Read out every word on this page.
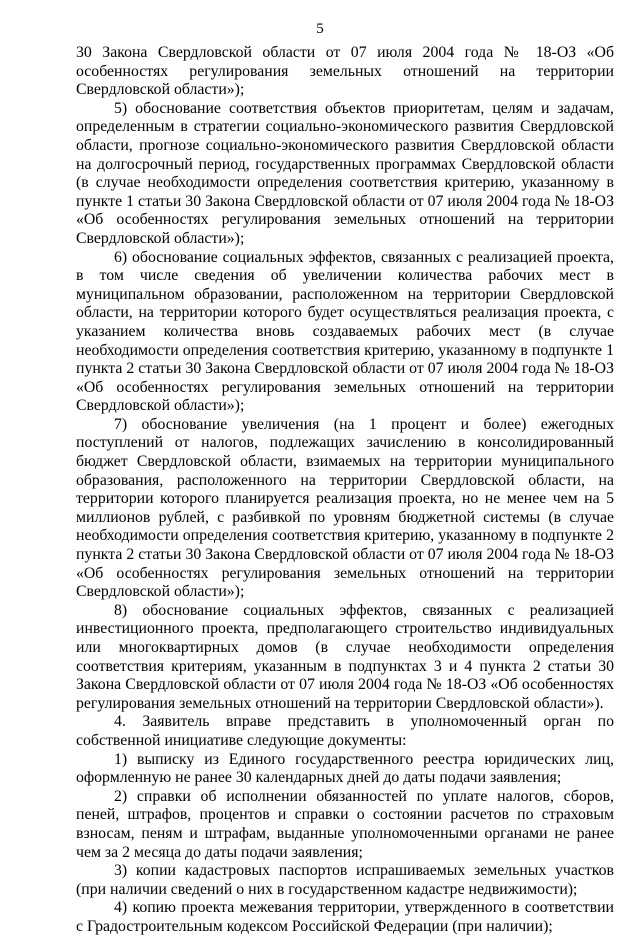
5

30 Закона Свердловской области от 07 июля 2004 года № 18-ОЗ «Об особенностях регулирования земельных отношений на территории Свердловской области»);

5) обоснование соответствия объектов приоритетам, целям и задачам, определенным в стратегии социально-экономического развития Свердловской области, прогнозе социально-экономического развития Свердловской области на долгосрочный период, государственных программах Свердловской области (в случае необходимости определения соответствия критерию, указанному в пункте 1 статьи 30 Закона Свердловской области от 07 июля 2004 года № 18-ОЗ «Об особенностях регулирования земельных отношений на территории Свердловской области»);

6) обоснование социальных эффектов, связанных с реализацией проекта, в том числе сведения об увеличении количества рабочих мест в муниципальном образовании, расположенном на территории Свердловской области, на территории которого будет осуществляться реализация проекта, с указанием количества вновь создаваемых рабочих мест (в случае необходимости определения соответствия критерию, указанному в подпункте 1 пункта 2 статьи 30 Закона Свердловской области от 07 июля 2004 года № 18-ОЗ «Об особенностях регулирования земельных отношений на территории Свердловской области»);

7) обоснование увеличения (на 1 процент и более) ежегодных поступлений от налогов, подлежащих зачислению в консолидированный бюджет Свердловской области, взимаемых на территории муниципального образования, расположенного на территории Свердловской области, на территории которого планируется реализация проекта, но не менее чем на 5 миллионов рублей, с разбивкой по уровням бюджетной системы (в случае необходимости определения соответствия критерию, указанному в подпункте 2 пункта 2 статьи 30 Закона Свердловской области от 07 июля 2004 года № 18-ОЗ «Об особенностях регулирования земельных отношений на территории Свердловской области»);

8) обоснование социальных эффектов, связанных с реализацией инвестиционного проекта, предполагающего строительство индивидуальных или многоквартирных домов (в случае необходимости определения соответствия критериям, указанным в подпунктах 3 и 4 пункта 2 статьи 30 Закона Свердловской области от 07 июля 2004 года № 18-ОЗ «Об особенностях регулирования земельных отношений на территории Свердловской области»).

4. Заявитель вправе представить в уполномоченный орган по собственной инициативе следующие документы:

1) выписку из Единого государственного реестра юридических лиц, оформленную не ранее 30 календарных дней до даты подачи заявления;

2) справки об исполнении обязанностей по уплате налогов, сборов, пеней, штрафов, процентов и справки о состоянии расчетов по страховым взносам, пеням и штрафам, выданные уполномоченными органами не ранее чем за 2 месяца до даты подачи заявления;

3) копии кадастровых паспортов испрашиваемых земельных участков (при наличии сведений о них в государственном кадастре недвижимости);

4) копию проекта межевания территории, утвержденного в соответствии с Градостроительным кодексом Российской Федерации (при наличии);
